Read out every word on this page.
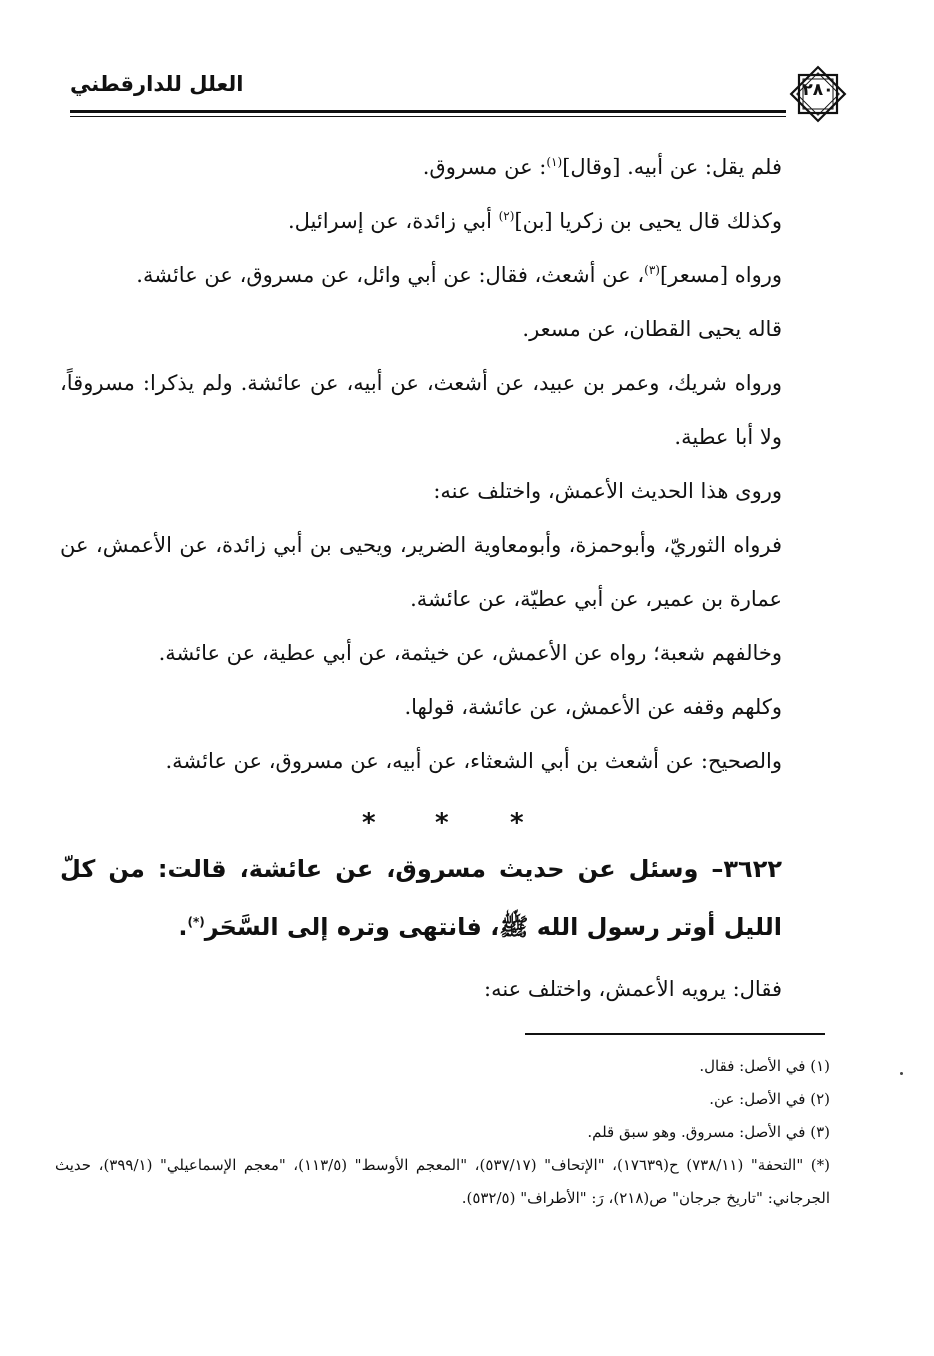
العلل للدارقطني	٢٨٠

فلم يقل: عن أبيه. [وقال]$^{(١)}$: عن مسروق.

وكذلك قال يحيى بن زكريا [بن]$^{(٢)}$ أبي زائدة، عن إسرائيل.

ورواه [مسعر]$^{(٣)}$، عن أشعث، فقال: عن أبي وائل، عن مسروق، عن عائشة.

قاله يحيى القطان، عن مسعر.

ورواه شريك، وعمر بن عبيد، عن أشعث، عن أبيه، عن عائشة. ولم يذكرا: مسروقاً، ولا أبا عطية.

وروى هذا الحديث الأعمش، واختلف عنه:

فرواه الثوريّ، وأبوحمزة، وأبومعاوية الضرير، ويحيى بن أبي زائدة، عن الأعمش، عن عمارة بن عمير، عن أبي عطيّة، عن عائشة.

وخالفهم شعبة؛ رواه عن الأعمش، عن خيثمة، عن أبي عطية، عن عائشة.

وكلهم وقفه عن الأعمش، عن عائشة، قولها.

والصحيح: عن أشعث بن أبي الشعثاء، عن أبيه، عن مسروق، عن عائشة.

* * *

٣٦٢٢– وسئل عن حديث مسروق، عن عائشة، قالت: من كلّ الليل أوتر رسول الله ﷺ، فانتهى وتره إلى السَّحَر(*).

فقال: يرويه الأعمش، واختلف عنه:

(١) في الأصل: فقال.

(٢) في الأصل: عن.

(٣) في الأصل: مسروق. وهو سبق قلم.

(*) "التحفة" (٧٣٨/١١) ح(١٧٦٣٩)، "الإتحاف" (٥٣٧/١٧)، "المعجم الأوسط" (١١٣/٥)، "معجم الإسماعيلي" (٣٩٩/١)، حديث الجرجاني: "تاريخ جرجان" ص(٢١٨)، رَ: "الأطراف" (٥٣٢/٥).
